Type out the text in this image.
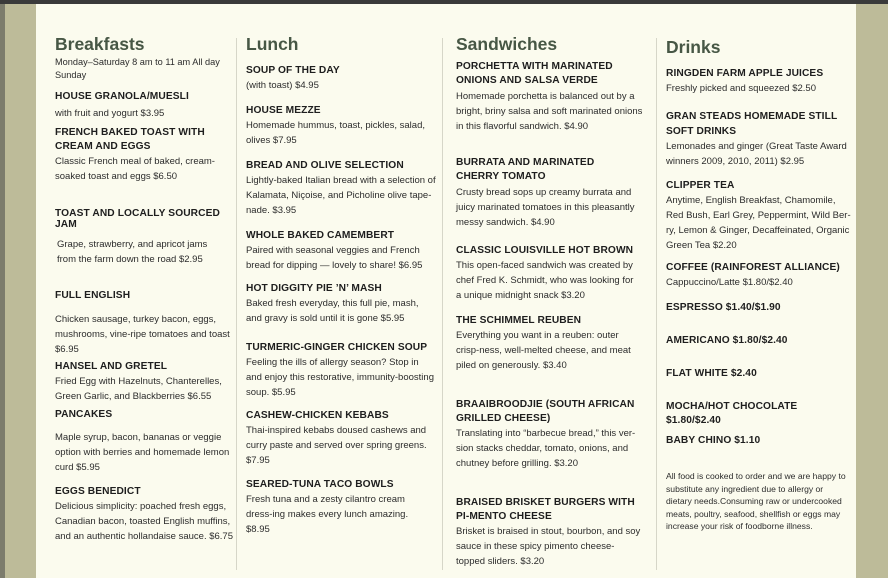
Breakfasts
Monday–Saturday 8 am to 11 am All day Sunday
HOUSE GRANOLA/MUESLI
with fruit and yogurt $3.95
FRENCH BAKED TOAST WITH CREAM AND EGGS
Classic French meal of baked, cream-soaked toast and eggs $6.50
TOAST AND LOCALLY SOURCED JAM
Grape, strawberry, and apricot jams from the farm down the road $2.95
FULL ENGLISH
Chicken sausage, turkey bacon, eggs, mushrooms, vine-ripe tomatoes and toast $6.95
HANSEL AND GRETEL
Fried Egg with Hazelnuts, Chanterelles, Green Garlic, and Blackberries $6.55
PANCAKES
Maple syrup, bacon, bananas or veggie option with berries and homemade lemon curd $5.95
EGGS BENEDICT
Delicious simplicity: poached fresh eggs, Canadian bacon, toasted English muffins, and an authentic hollandaise sauce. $6.75
Lunch
SOUP OF THE DAY
(with toast) $4.95
HOUSE MEZZE
Homemade hummus, toast, pickles, salad, olives $7.95
BREAD AND OLIVE SELECTION
Lightly-baked Italian bread with a selection of Kalamata, Niçoise, and Picholine olive tape-nade. $3.95
WHOLE BAKED CAMEMBERT
Paired with seasonal veggies and French bread for dipping — lovely to share! $6.95
HOT DIGGITY PIE ’N’ MASH
Baked fresh everyday, this full pie, mash, and gravy is sold until it is gone $5.95
TURMERIC-GINGER CHICKEN SOUP
Feeling the ills of allergy season? Stop in and enjoy this restorative, immunity-boosting soup. $5.95
CASHEW-CHICKEN KEBABS
Thai-inspired kebabs doused cashews and curry paste and served over spring greens. $7.95
SEARED-TUNA TACO BOWLS
Fresh tuna and a zesty cilantro cream dress-ing makes every lunch amazing. $8.95
Sandwiches
PORCHETTA WITH MARINATED ONIONS AND SALSA VERDE
Homemade porchetta is balanced out by a bright, briny salsa and soft marinated onions in this flavorful sandwich. $4.90
BURRATA AND MARINATED CHERRY TOMATO
Crusty bread sops up creamy burrata and juicy marinated tomatoes in this pleasantly messy sandwich. $4.90
CLASSIC LOUISVILLE HOT BROWN
This open-faced sandwich was created by chef Fred K. Schmidt, who was looking for a unique midnight snack $3.20
THE SCHIMMEL REUBEN
Everything you want in a reuben: outer crisp-ness, well-melted cheese, and meat piled on generously. $3.40
BRAAIBROODJIE (SOUTH AFRICAN GRILLED CHEESE)
Translating into “barbecue bread,” this ver-sion stacks cheddar, tomato, onions, and chutney before grilling. $3.20
BRAISED BRISKET BURGERS WITH PI-MENTO CHEESE
Brisket is braised in stout, bourbon, and soy sauce in these spicy pimento cheese-topped sliders. $3.20
Drinks
RINGDEN FARM APPLE JUICES
Freshly picked and squeezed $2.50
GRAN STEADS HOMEMADE STILL SOFT DRINKS
Lemonades and ginger (Great Taste Award winners 2009, 2010, 2011) $2.95
CLIPPER TEA
Anytime, English Breakfast, Chamomile, Red Bush, Earl Grey, Peppermint, Wild Ber-ry, Lemon & Ginger, Decaffeinated, Organic Green Tea $2.20
COFFEE (RAINFOREST ALLIANCE)
Cappuccino/Latte $1.80/$2.40
ESPRESSO $1.40/$1.90
AMERICANO $1.80/$2.40
FLAT WHITE $2.40
MOCHA/HOT CHOCOLATE $1.80/$2.40
BABY CHINO $1.10
All food is cooked to order and we are happy to substitute any ingredient due to allergy or dietary needs.Consuming raw or undercooked meats, poultry, seafood, shellfish or eggs may increase your risk of foodborne illness.
